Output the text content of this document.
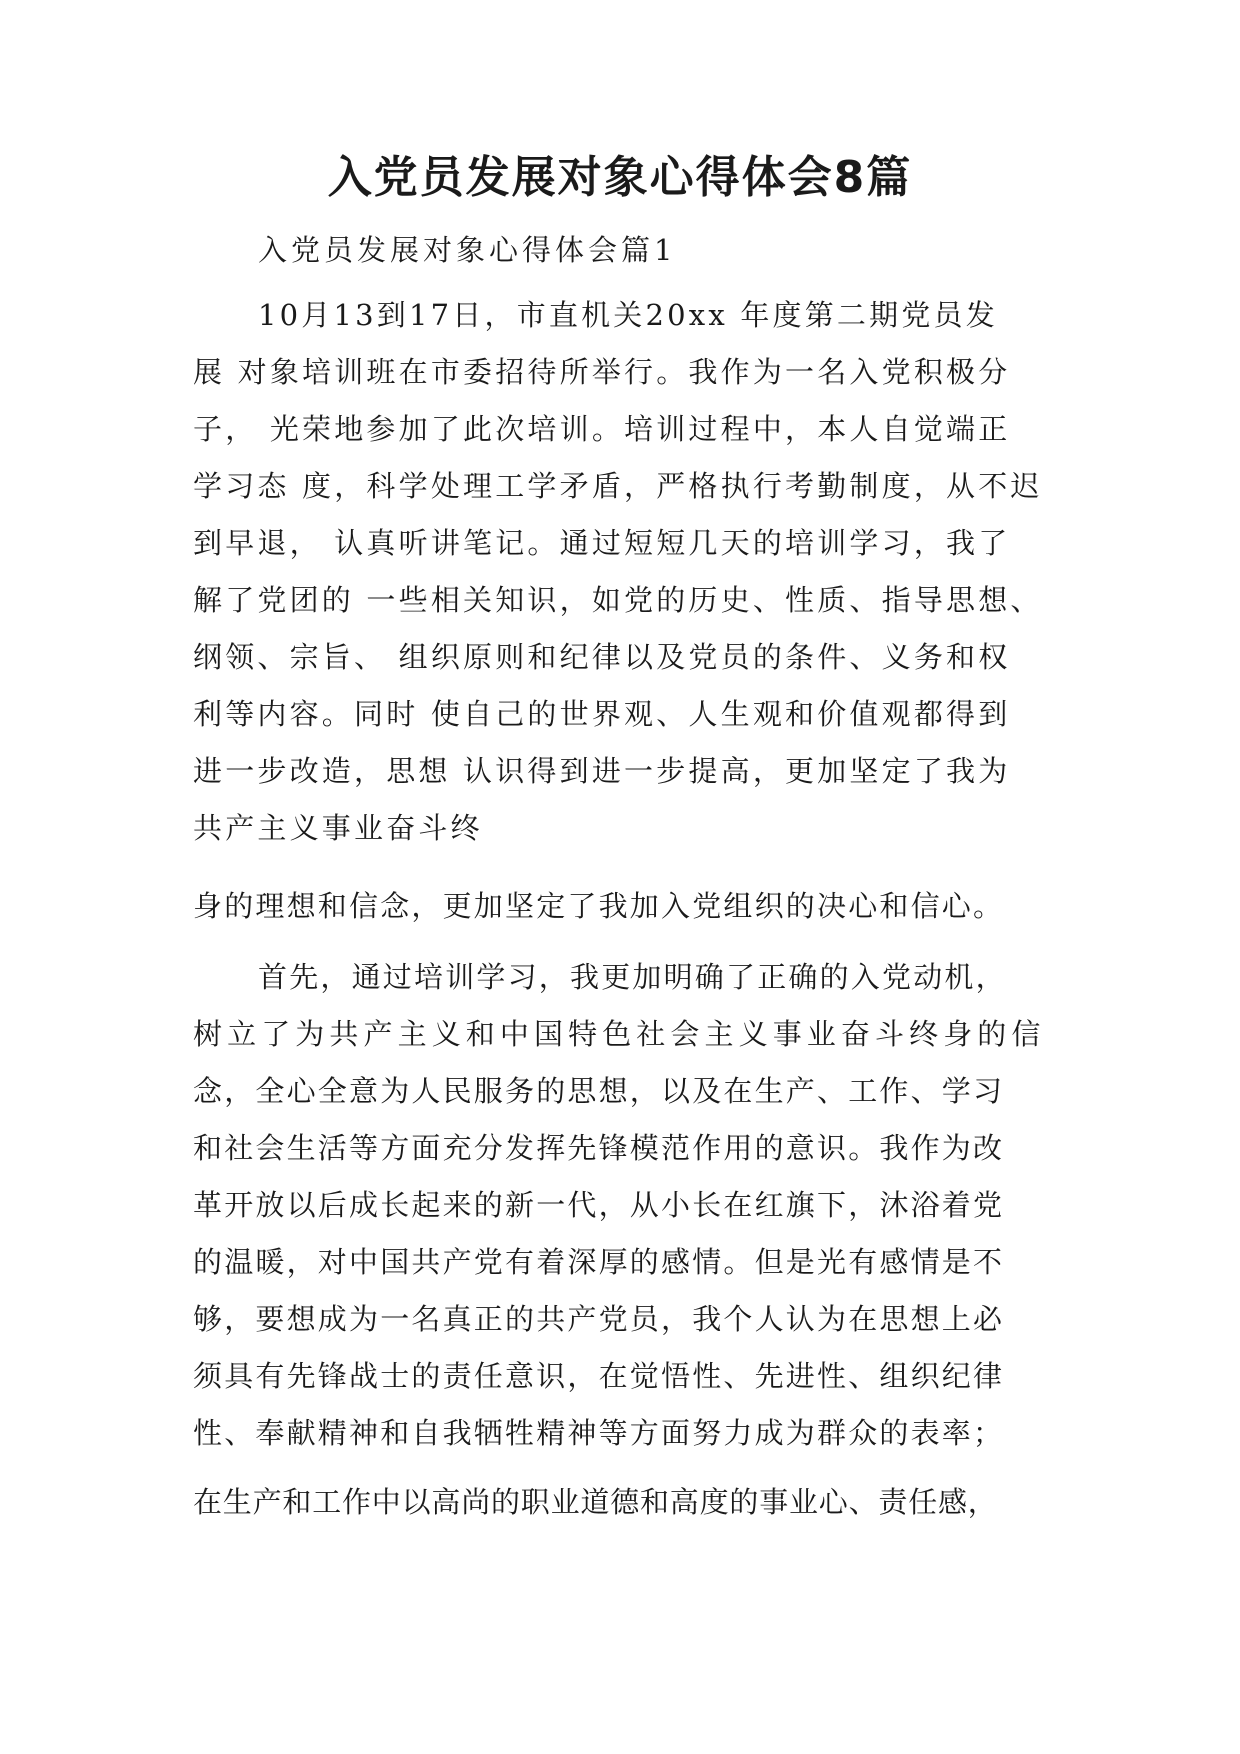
入党员发展对象心得体会8篇

入党员发展对象心得体会篇1

10月13到17日，市直机关20xx 年度第二期党员发

展 对象培训班在市委招待所举行。我作为一名入党积极分

子， 光荣地参加了此次培训。培训过程中，本人自觉端正

学习态 度，科学处理工学矛盾，严格执行考勤制度，从不迟

到早退， 认真听讲笔记。通过短短几天的培训学习，我了

解了党团的 一些相关知识，如党的历史、性质、指导思想、

纲领、宗旨、 组织原则和纪律以及党员的条件、义务和权

利等内容。同时 使自己的世界观、人生观和价值观都得到

进一步改造，思想 认识得到进一步提高，更加坚定了我为

共产主义事业奋斗终

身的理想和信念，更加坚定了我加入党组织的决心和信心。

首先，通过培训学习，我更加明确了正确的入党动机，

树立了为共产主义和中国特色社会主义事业奋斗终身的信

念，全心全意为人民服务的思想，以及在生产、工作、学习

和社会生活等方面充分发挥先锋模范作用的意识。我作为改

革开放以后成长起来的新一代，从小长在红旗下，沐浴着党

的温暖，对中国共产党有着深厚的感情。但是光有感情是不

够，要想成为一名真正的共产党员，我个人认为在思想上必

须具有先锋战士的责任意识，在觉悟性、先进性、组织纪律

性、奉献精神和自我牺牲精神等方面努力成为群众的表率；

在生产和工作中以高尚的职业道德和高度的事业心、责任感，
